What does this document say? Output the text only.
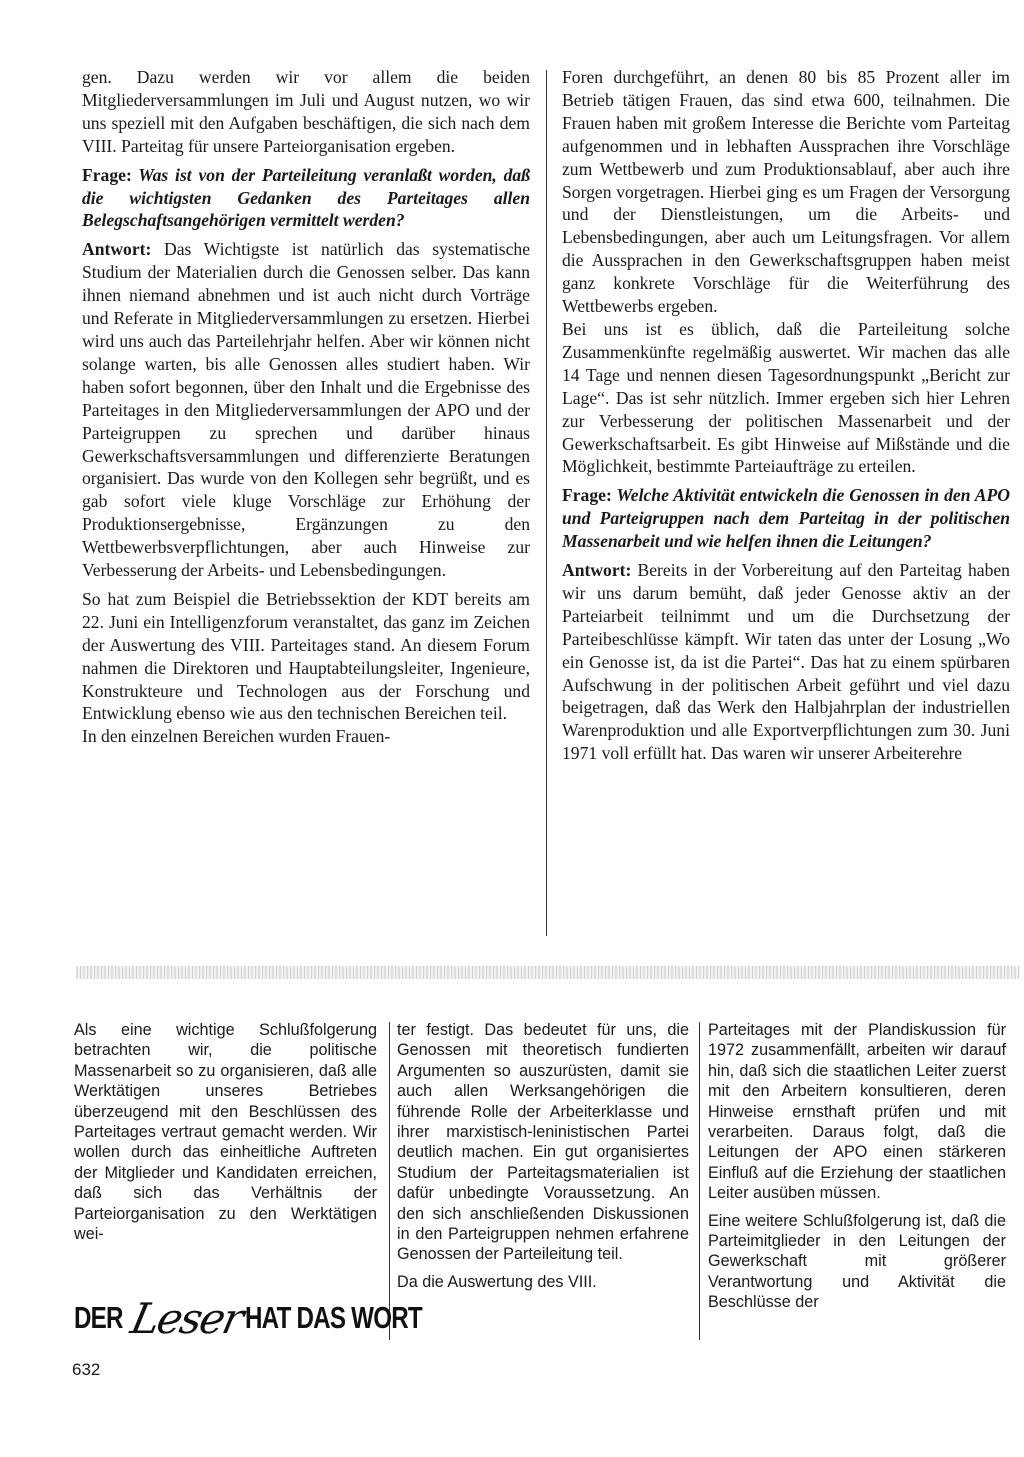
gen. Dazu werden wir vor allem die beiden Mitgliederversammlungen im Juli und August nutzen, wo wir uns speziell mit den Aufgaben beschäftigen, die sich nach dem VIII. Parteitag für unsere Parteiorganisation ergeben.

Frage: Was ist von der Parteileitung veranlaßt worden, daß die wichtigsten Gedanken des Parteitages allen Belegschaftsangehörigen vermittelt werden?

Antwort: Das Wichtigste ist natürlich das systematische Studium der Materialien durch die Genossen selber. Das kann ihnen niemand abnehmen und ist auch nicht durch Vorträge und Referate in Mitgliederversammlungen zu ersetzen. Hierbei wird uns auch das Parteilehrjahr helfen. Aber wir können nicht solange warten, bis alle Genossen alles studiert haben. Wir haben sofort begonnen, über den Inhalt und die Ergebnisse des Parteitages in den Mitgliederversammlungen der APO und der Parteigruppen zu sprechen und darüber hinaus Gewerkschaftsversammlungen und differenzierte Beratungen organisiert. Das wurde von den Kollegen sehr begrüßt, und es gab sofort viele kluge Vorschläge zur Erhöhung der Produktionsergebnisse, Ergänzungen zu den Wettbewerbsverpflichtungen, aber auch Hinweise zur Verbesserung der Arbeits- und Lebensbedingungen.

So hat zum Beispiel die Betriebssektion der KDT bereits am 22. Juni ein Intelligenzforum veranstaltet, das ganz im Zeichen der Auswertung des VIII. Parteitages stand. An diesem Forum nahmen die Direktoren und Hauptabteilungsleiter, Ingenieure, Konstrukteure und Technologen aus der Forschung und Entwicklung ebenso wie aus den technischen Bereichen teil.

In den einzelnen Bereichen wurden Frauen-

Foren durchgeführt, an denen 80 bis 85 Prozent aller im Betrieb tätigen Frauen, das sind etwa 600, teilnahmen. Die Frauen haben mit großem Interesse die Berichte vom Parteitag aufgenommen und in lebhaften Aussprachen ihre Vorschläge zum Wettbewerb und zum Produktionsablauf, aber auch ihre Sorgen vorgetragen. Hierbei ging es um Fragen der Versorgung und der Dienstleistungen, um die Arbeits- und Lebensbedingungen, aber auch um Leitungsfragen. Vor allem die Aussprachen in den Gewerkschaftsgruppen haben meist ganz konkrete Vorschläge für die Weiterführung des Wettbewerbs ergeben.

Bei uns ist es üblich, daß die Parteileitung solche Zusammenkünfte regelmäßig auswertet. Wir machen das alle 14 Tage und nennen diesen Tagesordnungspunkt „Bericht zur Lage“. Das ist sehr nützlich. Immer ergeben sich hier Lehren zur Verbesserung der politischen Massenarbeit und der Gewerkschaftsarbeit. Es gibt Hinweise auf Mißstände und die Möglichkeit, bestimmte Parteiaufträge zu erteilen.

Frage: Welche Aktivität entwickeln die Genossen in den APO und Parteigruppen nach dem Parteitag in der politischen Massenarbeit und wie helfen ihnen die Leitungen?

Antwort: Bereits in der Vorbereitung auf den Parteitag haben wir uns darum bemüht, daß jeder Genosse aktiv an der Parteiarbeit teilnimmt und um die Durchsetzung der Parteibeschlüsse kämpft. Wir taten das unter der Losung „Wo ein Genosse ist, da ist die Partei“. Das hat zu einem spürbaren Aufschwung in der politischen Arbeit geführt und viel dazu beigetragen, daß das Werk den Halbjahrplan der industriellen Warenproduktion und alle Exportverpflichtungen zum 30. Juni 1971 voll erfüllt hat. Das waren wir unserer Arbeiterehre

Als eine wichtige Schlußfolgerung betrachten wir, die politische Massenarbeit so zu organisieren, daß alle Werktätigen unseres Betriebes überzeugend mit den Beschlüssen des Parteitages vertraut gemacht werden. Wir wollen durch das einheitliche Auftreten der Mitglieder und Kandidaten erreichen, daß sich das Verhältnis der Parteiorganisation zu den Werktätigen wei-

ter festigt. Das bedeutet für uns, die Genossen mit theoretisch fundierten Argumenten so auszurüsten, damit sie auch allen Werksangehörigen die führende Rolle der Arbeiterklasse und ihrer marxistisch-leninistischen Partei deutlich machen. Ein gut organisiertes Studium der Parteitagsmaterialien ist dafür unbedingte Voraussetzung. An den sich anschließenden Diskussionen in den Parteigruppen nehmen erfahrene Genossen der Parteileitung teil.

Da die Auswertung des VIII.

Parteitages mit der Plandiskussion für 1972 zusammenfällt, arbeiten wir darauf hin, daß sich die staatlichen Leiter zuerst mit den Arbeitern konsultieren, deren Hinweise ernsthaft prüfen und mit verarbeiten. Daraus folgt, daß die Leitungen der APO einen stärkeren Einfluß auf die Erziehung der staatlichen Leiter ausüben müssen.

Eine weitere Schlußfolgerung ist, daß die Parteimitglieder in den Leitungen der Gewerkschaft mit größerer Verantwortung und Aktivität die Beschlüsse der

DER Leser
HAT DAS WORT
632
